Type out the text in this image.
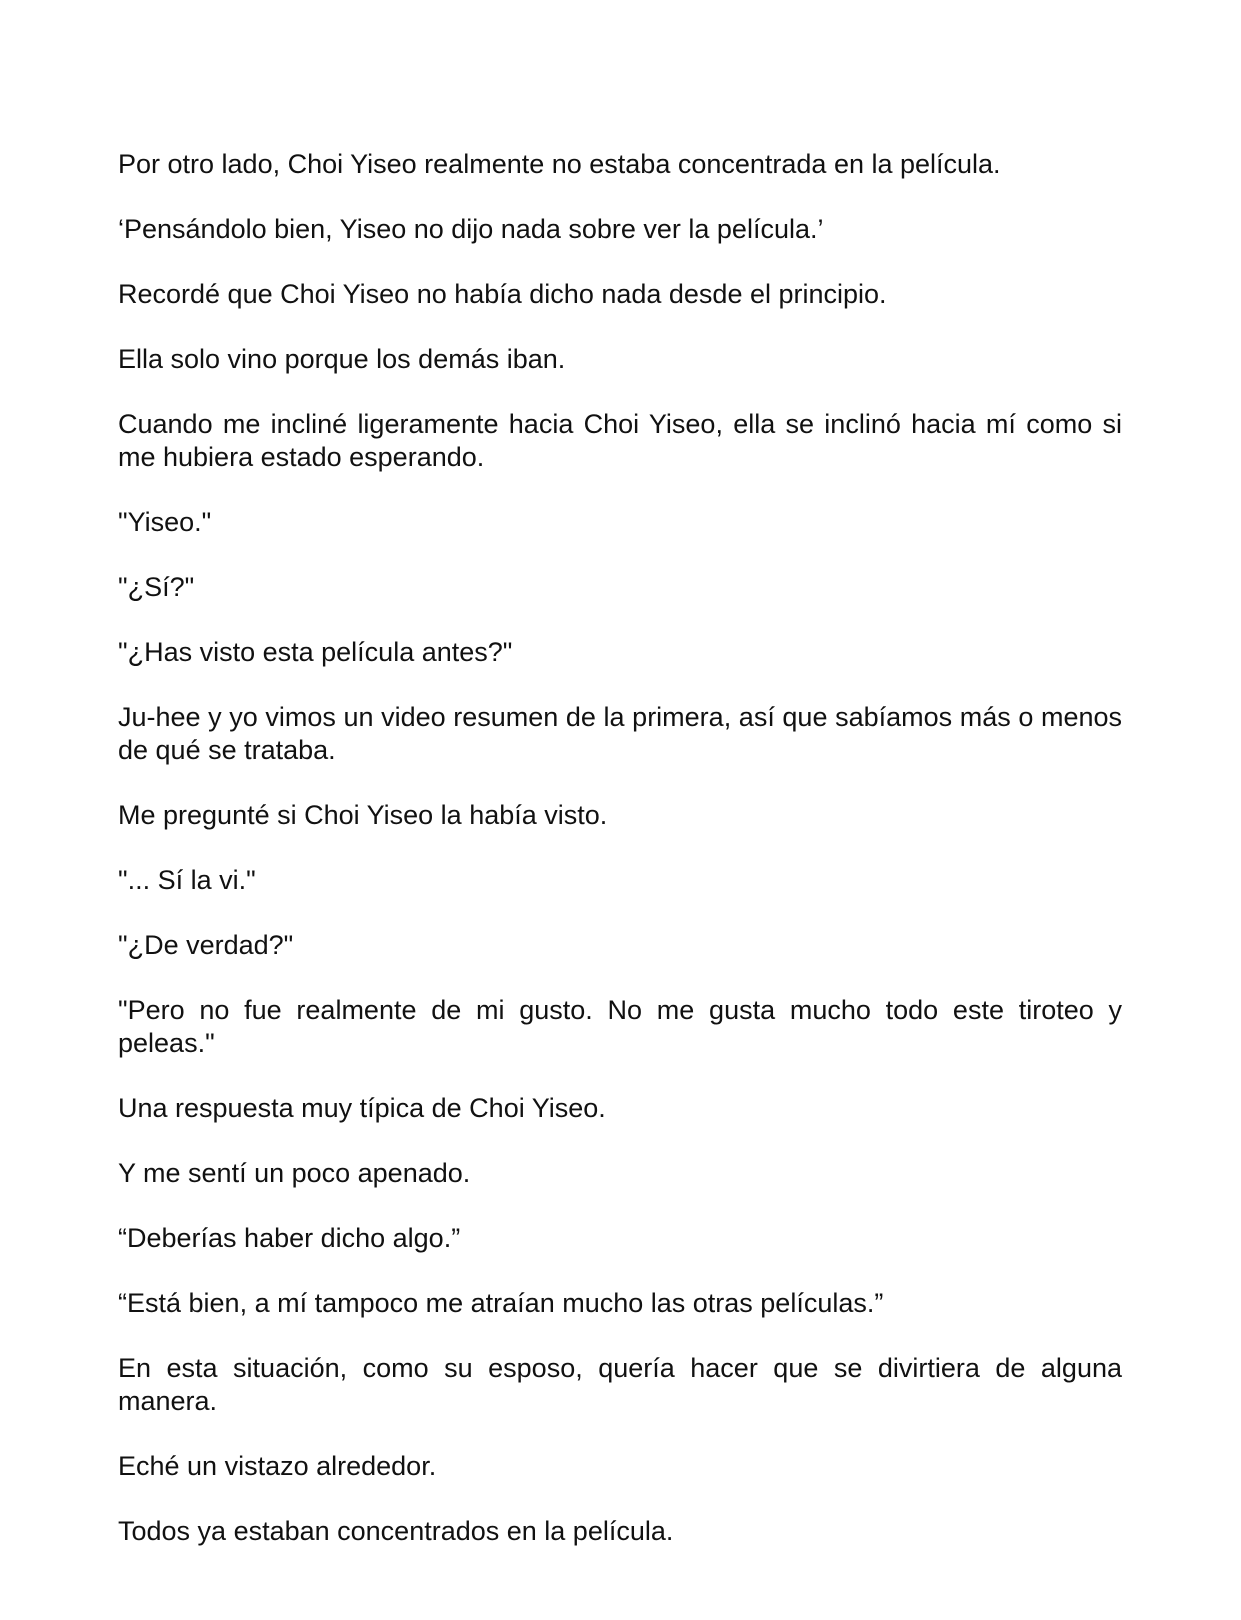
Por otro lado, Choi Yiseo realmente no estaba concentrada en la película.

‘Pensándolo bien, Yiseo no dijo nada sobre ver la película.’

Recordé que Choi Yiseo no había dicho nada desde el principio.

Ella solo vino porque los demás iban.

Cuando me incliné ligeramente hacia Choi Yiseo, ella se inclinó hacia mí como si me hubiera estado esperando.

"Yiseo."

"¿Sí?"

"¿Has visto esta película antes?"

Ju-hee y yo vimos un video resumen de la primera, así que sabíamos más o menos de qué se trataba.

Me pregunté si Choi Yiseo la había visto.

"... Sí la vi."

"¿De verdad?"

"Pero no fue realmente de mi gusto. No me gusta mucho todo este tiroteo y peleas."

Una respuesta muy típica de Choi Yiseo.

Y me sentí un poco apenado.

“Deberías haber dicho algo.”

“Está bien, a mí tampoco me atraían mucho las otras películas.”

En esta situación, como su esposo, quería hacer que se divirtiera de alguna manera.

Eché un vistazo alrededor.

Todos ya estaban concentrados en la película.
